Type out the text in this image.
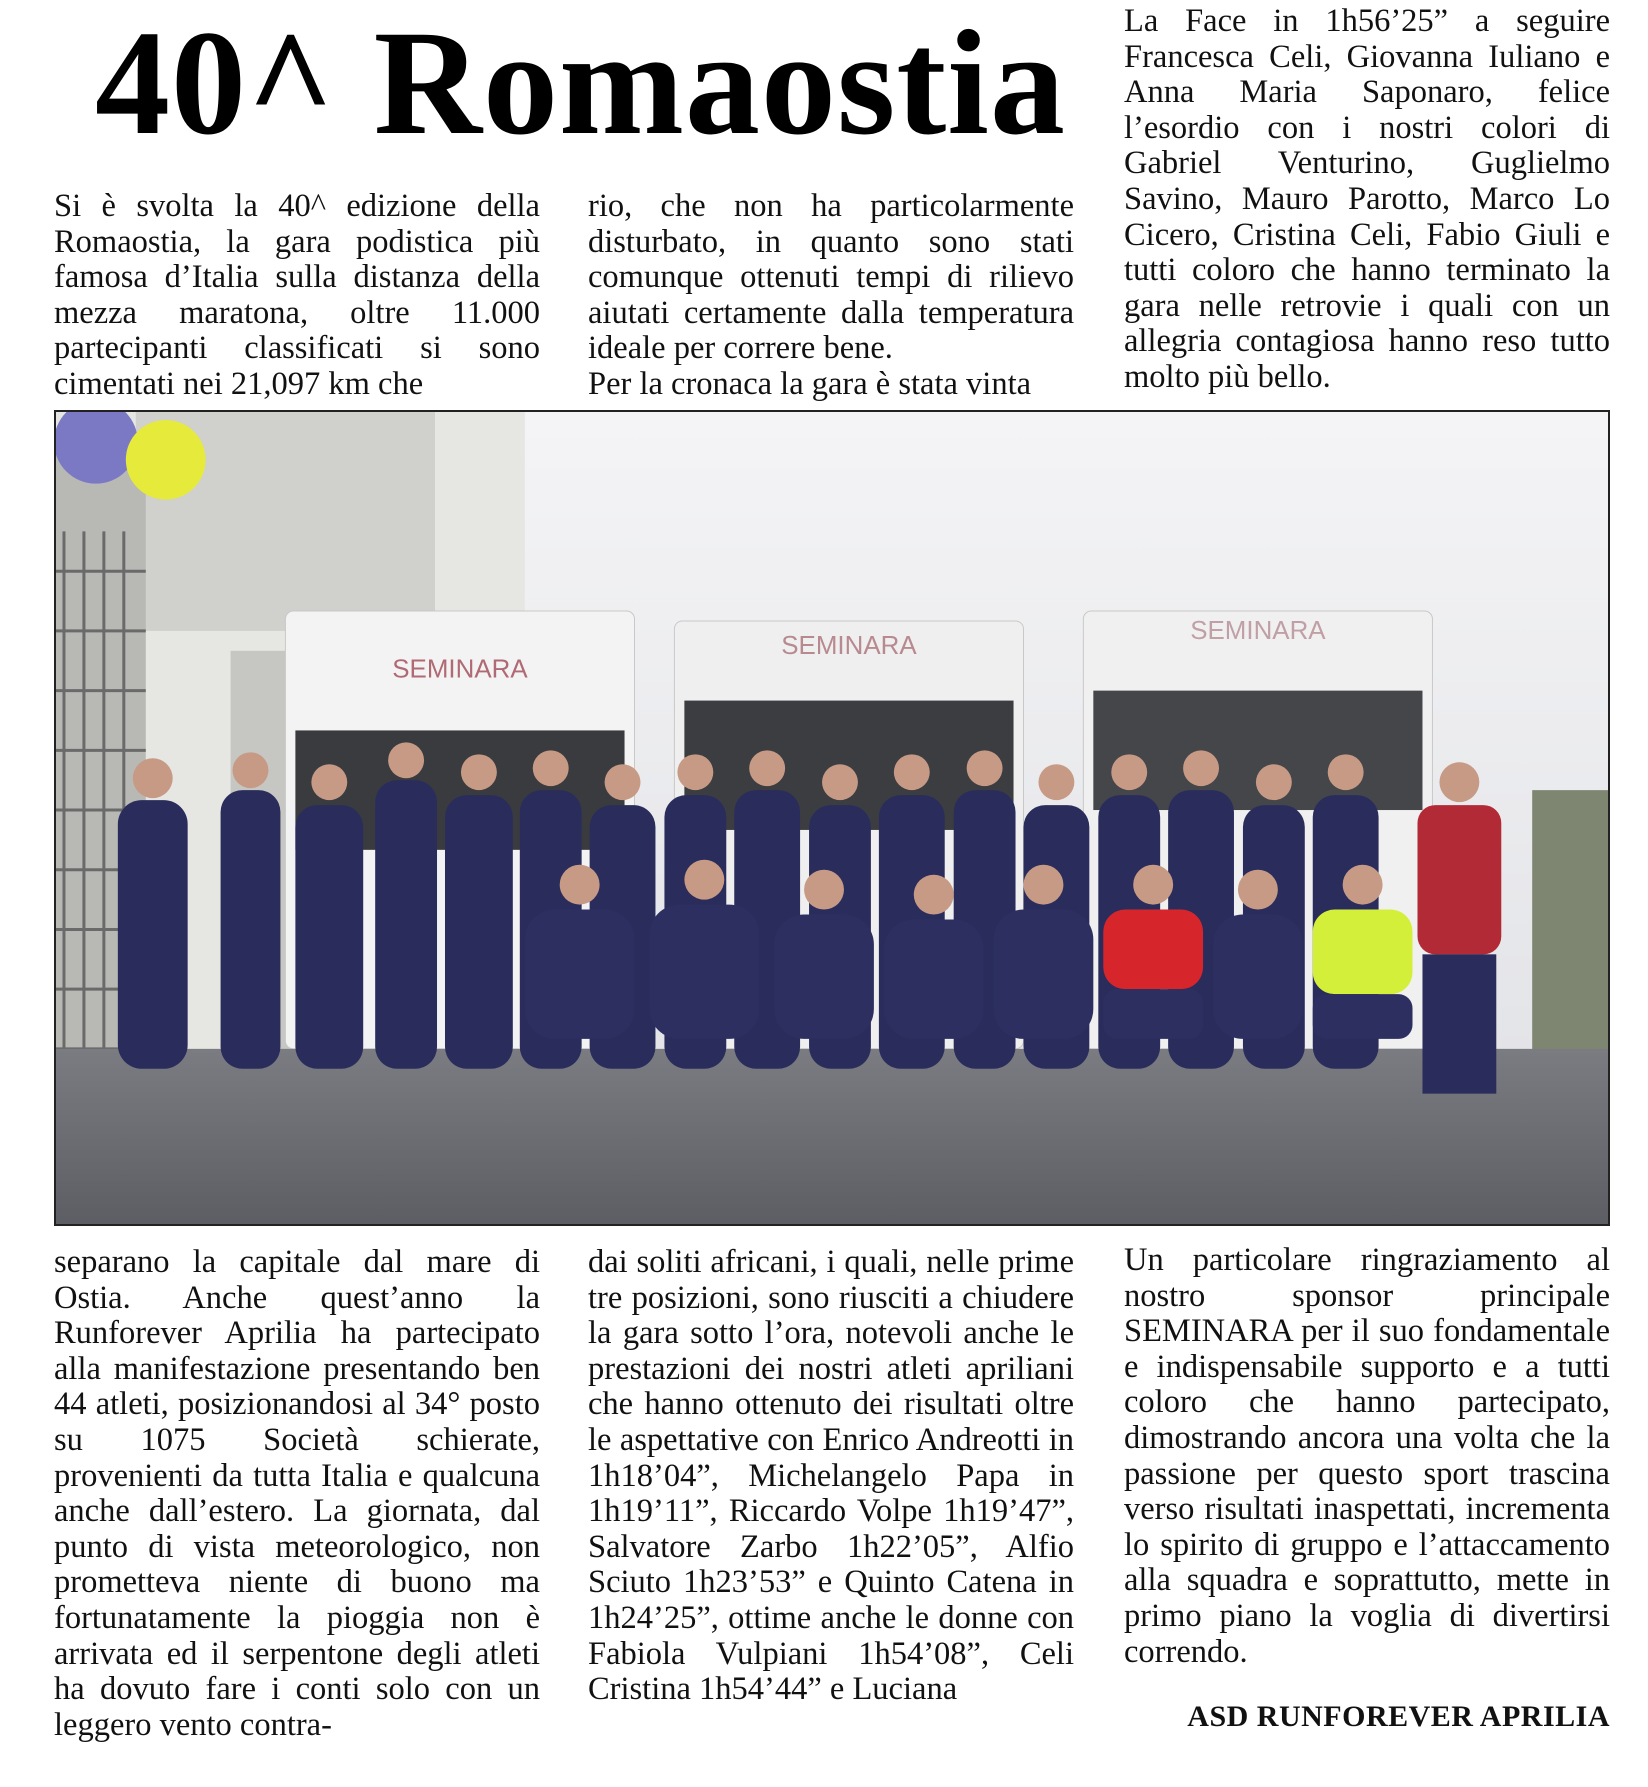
40^ Romaostia

Si è svolta la 40^ edizione della Romaostia, la gara podistica più famosa d’Italia sulla distanza della mezza maratona, oltre 11.000 partecipanti classificati si sono cimentati nei 21,097 km che

rio, che non ha particolarmente disturbato, in quanto sono stati comunque ottenuti tempi di rilievo aiutati certamente dalla temperatura ideale per correre bene.

Per la cronaca la gara è stata vinta

La Face in 1h56’25” a seguire Francesca Celi, Giovanna Iuliano e Anna Maria Saponaro, felice l’esordio con i nostri colori di Gabriel Venturino, Guglielmo Savino, Mauro Parotto, Marco Lo Cicero, Cristina Celi, Fabio Giuli e tutti coloro che hanno terminato la gara nelle retrovie i quali con un allegria contagiosa hanno reso tutto molto più bello.

SEMINARA
SEMINARA
SEMINARA

separano la capitale dal mare di Ostia. Anche quest’anno la Runforever Aprilia ha partecipato alla manifestazione presentando ben 44 atleti, posizionandosi al 34° posto su 1075 Società schierate, provenienti da tutta Italia e qualcuna anche dall’estero. La giornata, dal punto di vista meteorologico, non prometteva niente di buono ma fortunatamente la pioggia non è arrivata ed il serpentone degli atleti ha dovuto fare i conti solo con un leggero vento contra-

dai soliti africani, i quali, nelle prime tre posizioni, sono riusciti a chiudere la gara sotto l’ora, notevoli anche le prestazioni dei nostri atleti apriliani che hanno ottenuto dei risultati oltre le aspettative con Enrico Andreotti in 1h18’04”, Michelangelo Papa in 1h19’11”, Riccardo Volpe 1h19’47”, Salvatore Zarbo 1h22’05”, Alfio Sciuto 1h23’53” e Quinto Catena in 1h24’25”, ottime anche le donne con Fabiola Vulpiani 1h54’08”, Celi Cristina 1h54’44” e Luciana

Un particolare ringraziamento al nostro sponsor principale SEMINARA per il suo fondamentale e indispensabile supporto e a tutti coloro che hanno partecipato, dimostrando ancora una volta che la passione per questo sport trascina verso risultati inaspettati, incrementa lo spirito di gruppo e l’attaccamento alla squadra e soprattutto, mette in primo piano la voglia di divertirsi correndo.

ASD RUNFOREVER APRILIA
